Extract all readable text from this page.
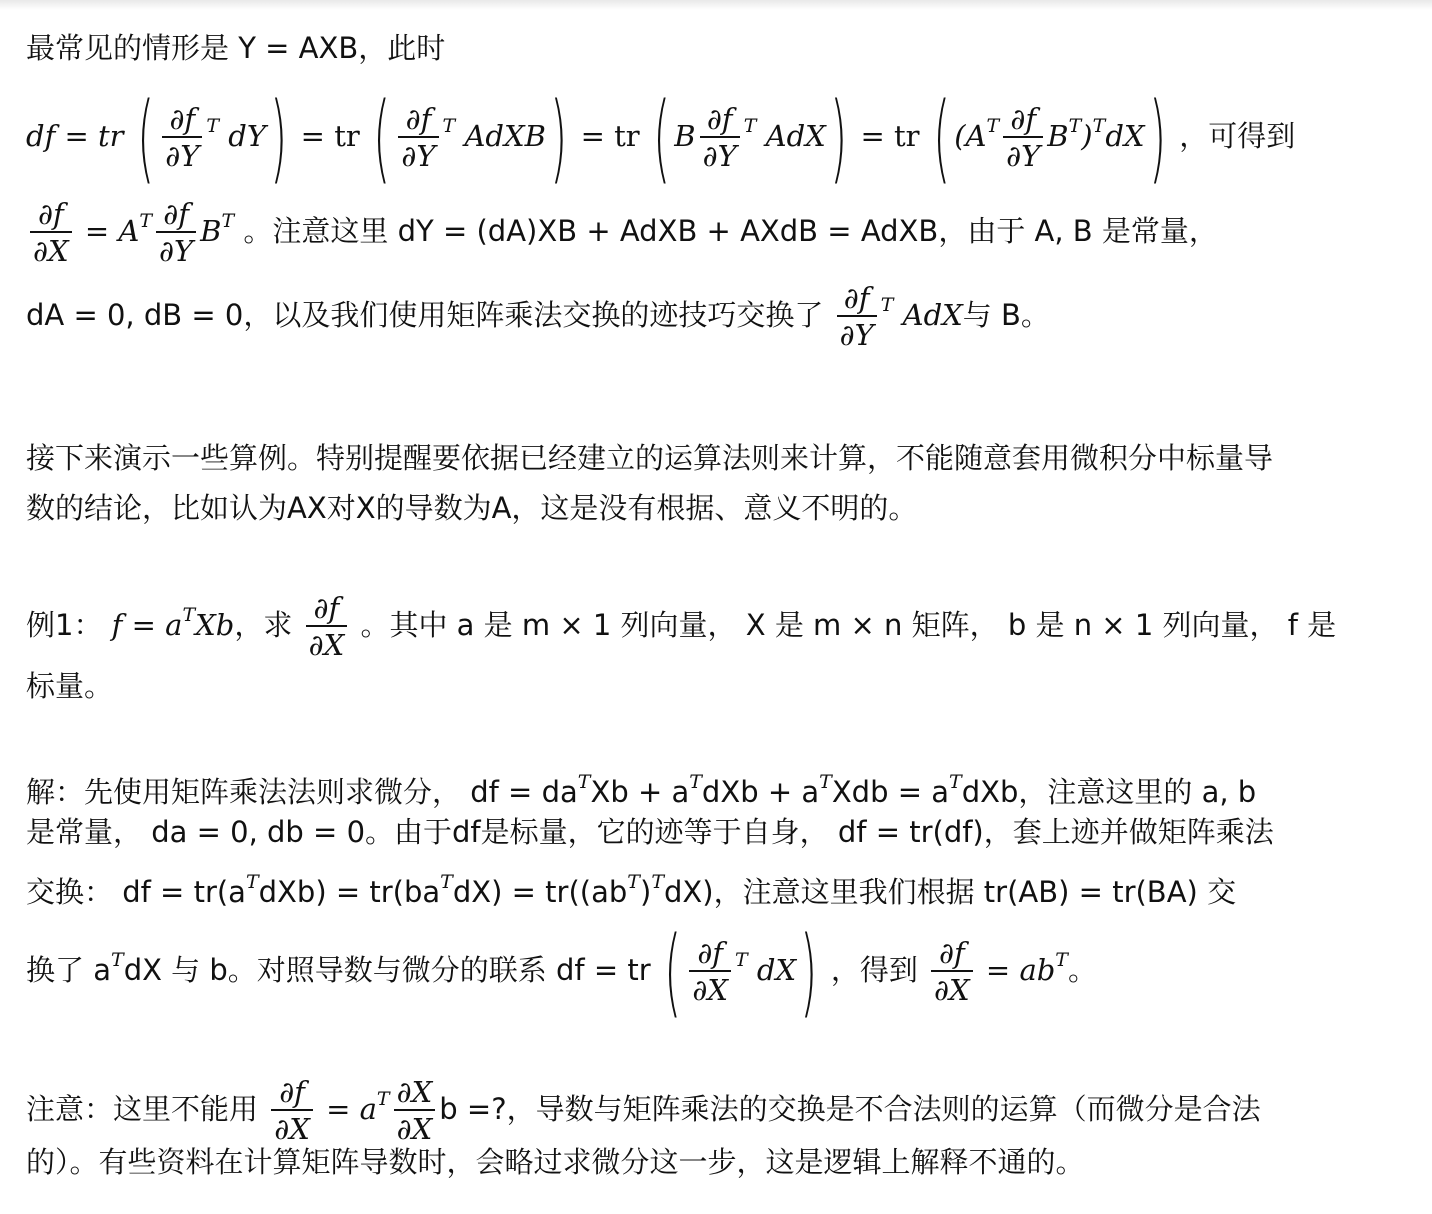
最常见的情形是 Y = AXB，此时
df = tr ( $\frac{\partial f}{\partial Y} ^T$ dY) = tr ( $\frac{\partial f}{\partial Y} ^T$ AdXB) = tr ( B $\frac{\partial f}{\partial Y} ^T$ AdX) = tr ( $(A^T \frac{\partial f}{\partial Y} B^T)^TdX$) ，可得到
$\frac{\partial f}{\partial X} = A^T \frac{\partial f}{\partial Y} B^T$ 。注意这里 dY = (dA)XB + AdXB + AXdB = AdXB，由于 A, B 是常量，
dA = 0, dB = 0，以及我们使用矩阵乘法交换的迹技巧交换了 $\frac{\partial f}{\partial Y} ^T$ AdX与 B。
接下来演示一些算例。特别提醒要依据已经建立的运算法则来计算，不能随意套用微积分中标量导
数的结论，比如认为AX对X的导数为A，这是没有根据、意义不明的。
例1： $f = a^TXb$，求 $\frac{\partial f}{\partial X}$ 。其中 a 是 m × 1 列向量， X 是 m × n 矩阵， b 是 n × 1 列向量， f 是
标量。
解：先使用矩阵乘法法则求微分， df = $da^TXb + a^TdXb + a^TXdb = a^TdXb$，注意这里的 a, b
是常量， da = 0, db = 0。由于df是标量，它的迹等于自身， df = tr(df)，套上迹并做矩阵乘法
交换： df = $tr(a^TdXb) = tr(ba^TdX) = tr((ab^T)^TdX)$，注意这里我们根据 tr(AB) = tr(BA) 交
换了 $a^TdX$ 与 b。对照导数与微分的联系 df = tr ( $\frac{\partial f}{\partial X} ^T$ dX) ，得到 $\frac{\partial f}{\partial X} = ab^T$。
注意：这里不能用 $\frac{\partial f}{\partial X} = a^T \frac{\partial X}{\partial X}$ b =?，导数与矩阵乘法的交换是不合法则的运算（而微分是合法
的）。有些资料在计算矩阵导数时，会略过求微分这一步，这是逻辑上解释不通的。
